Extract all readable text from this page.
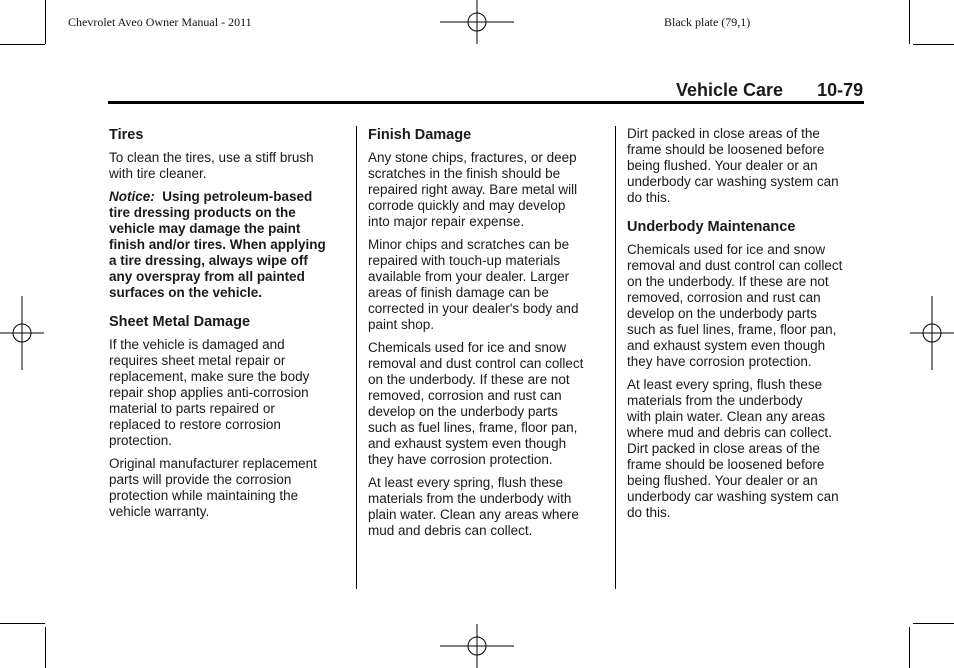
Chevrolet Aveo Owner Manual - 2011	Black plate (79,1)
Vehicle Care 10-79
Tires

To clean the tires, use a stiff brush
with tire cleaner.

Notice: Using petroleum-based
tire dressing products on the
vehicle may damage the paint
finish and/or tires. When applying
a tire dressing, always wipe off
any overspray from all painted
surfaces on the vehicle.

Sheet Metal Damage

If the vehicle is damaged and
requires sheet metal repair or
replacement, make sure the body
repair shop applies anti-corrosion
material to parts repaired or
replaced to restore corrosion
protection.

Original manufacturer replacement
parts will provide the corrosion
protection while maintaining the
vehicle warranty.

Finish Damage

Any stone chips, fractures, or deep
scratches in the finish should be
repaired right away. Bare metal will
corrode quickly and may develop
into major repair expense.

Minor chips and scratches can be
repaired with touch-up materials
available from your dealer. Larger
areas of finish damage can be
corrected in your dealer's body and
paint shop.

Chemicals used for ice and snow
removal and dust control can collect
on the underbody. If these are not
removed, corrosion and rust can
develop on the underbody parts
such as fuel lines, frame, floor pan,
and exhaust system even though
they have corrosion protection.

At least every spring, flush these
materials from the underbody with
plain water. Clean any areas where
mud and debris can collect.

Dirt packed in close areas of the
frame should be loosened before
being flushed. Your dealer or an
underbody car washing system can
do this.

Underbody Maintenance

Chemicals used for ice and snow
removal and dust control can collect
on the underbody. If these are not
removed, corrosion and rust can
develop on the underbody parts
such as fuel lines, frame, floor pan,
and exhaust system even though
they have corrosion protection.

At least every spring, flush these
materials from the underbody
with plain water. Clean any areas
where mud and debris can collect.
Dirt packed in close areas of the
frame should be loosened before
being flushed. Your dealer or an
underbody car washing system can
do this.
